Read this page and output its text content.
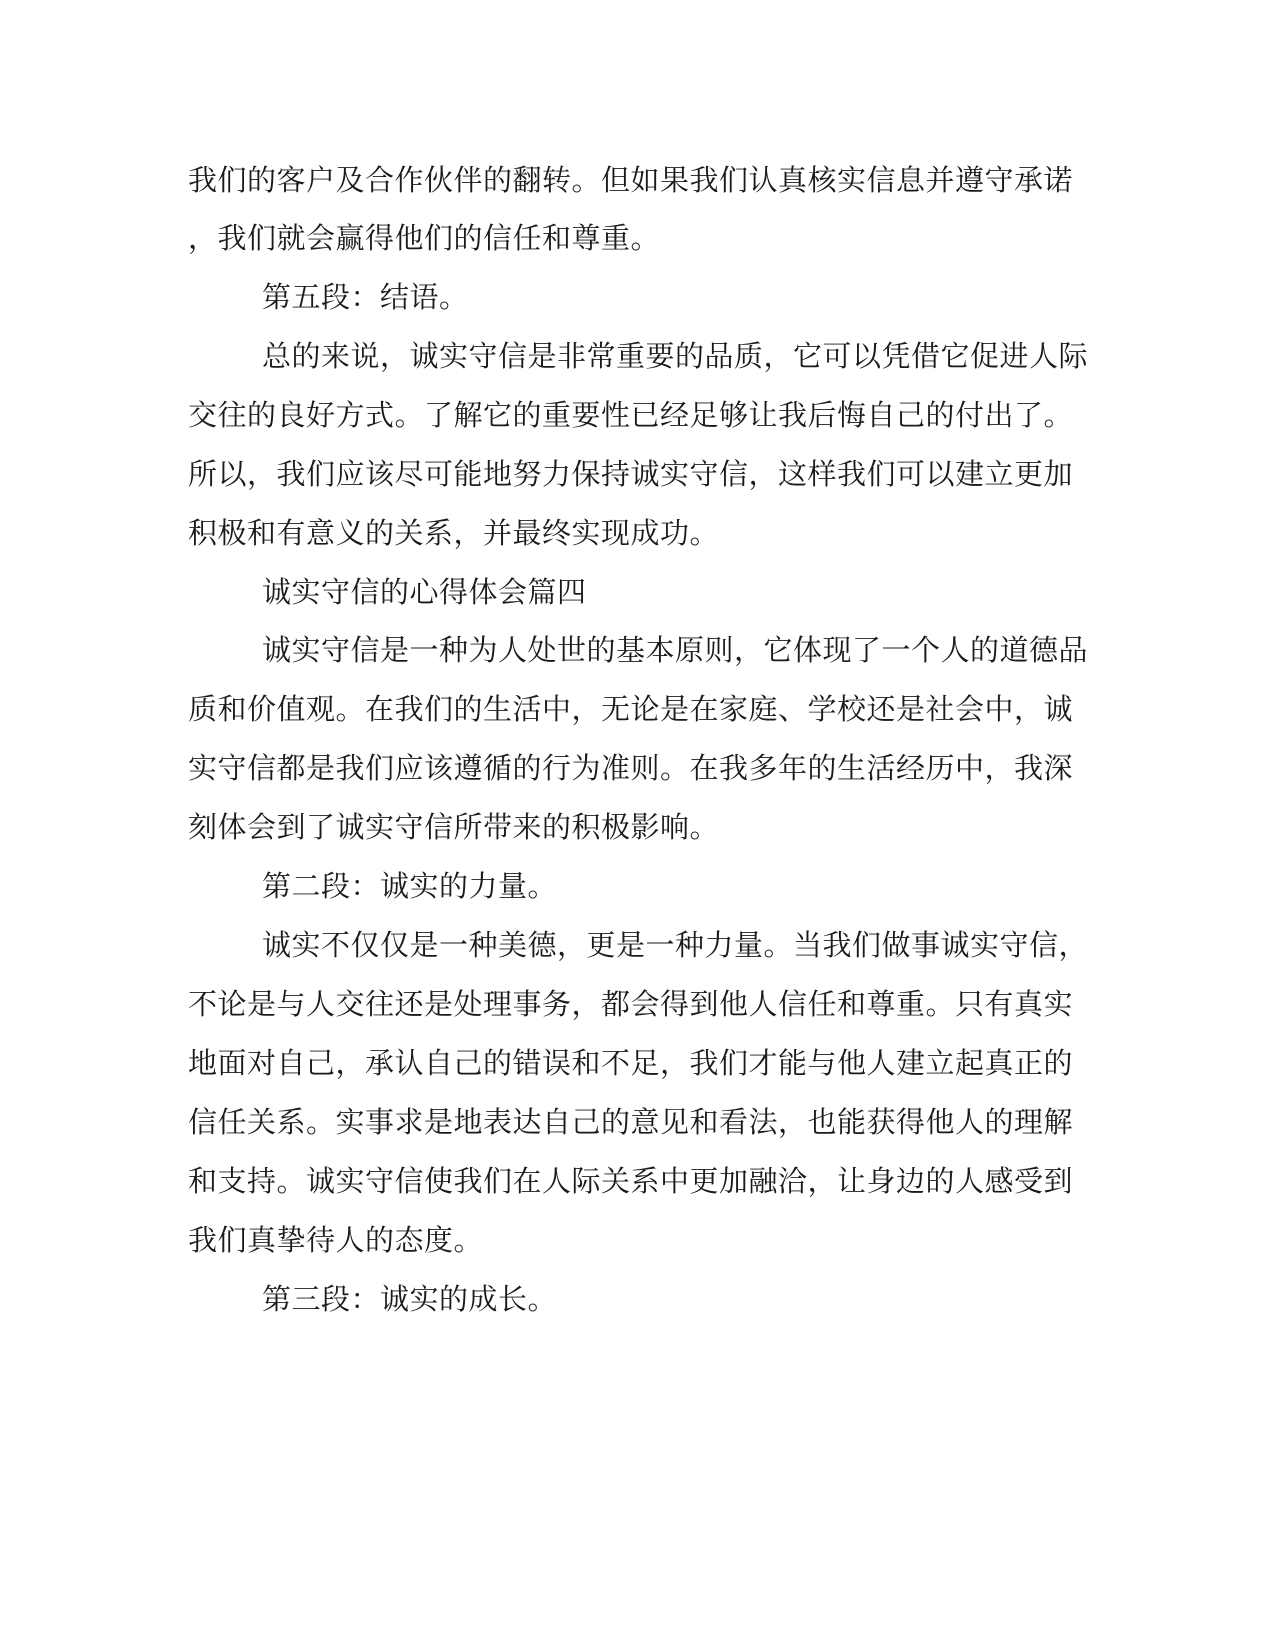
我们的客户及合作伙伴的翻转。但如果我们认真核实信息并遵守承诺
，我们就会赢得他们的信任和尊重。
第五段：结语。
总的来说，诚实守信是非常重要的品质，它可以凭借它促进人际
交往的良好方式。了解它的重要性已经足够让我后悔自己的付出了。
所以，我们应该尽可能地努力保持诚实守信，这样我们可以建立更加
积极和有意义的关系，并最终实现成功。
诚实守信的心得体会篇四
诚实守信是一种为人处世的基本原则，它体现了一个人的道德品
质和价值观。在我们的生活中，无论是在家庭、学校还是社会中，诚
实守信都是我们应该遵循的行为准则。在我多年的生活经历中，我深
刻体会到了诚实守信所带来的积极影响。
第二段：诚实的力量。
诚实不仅仅是一种美德，更是一种力量。当我们做事诚实守信，
不论是与人交往还是处理事务，都会得到他人信任和尊重。只有真实
地面对自己，承认自己的错误和不足，我们才能与他人建立起真正的
信任关系。实事求是地表达自己的意见和看法，也能获得他人的理解
和支持。诚实守信使我们在人际关系中更加融洽，让身边的人感受到
我们真挚待人的态度。
第三段：诚实的成长。
